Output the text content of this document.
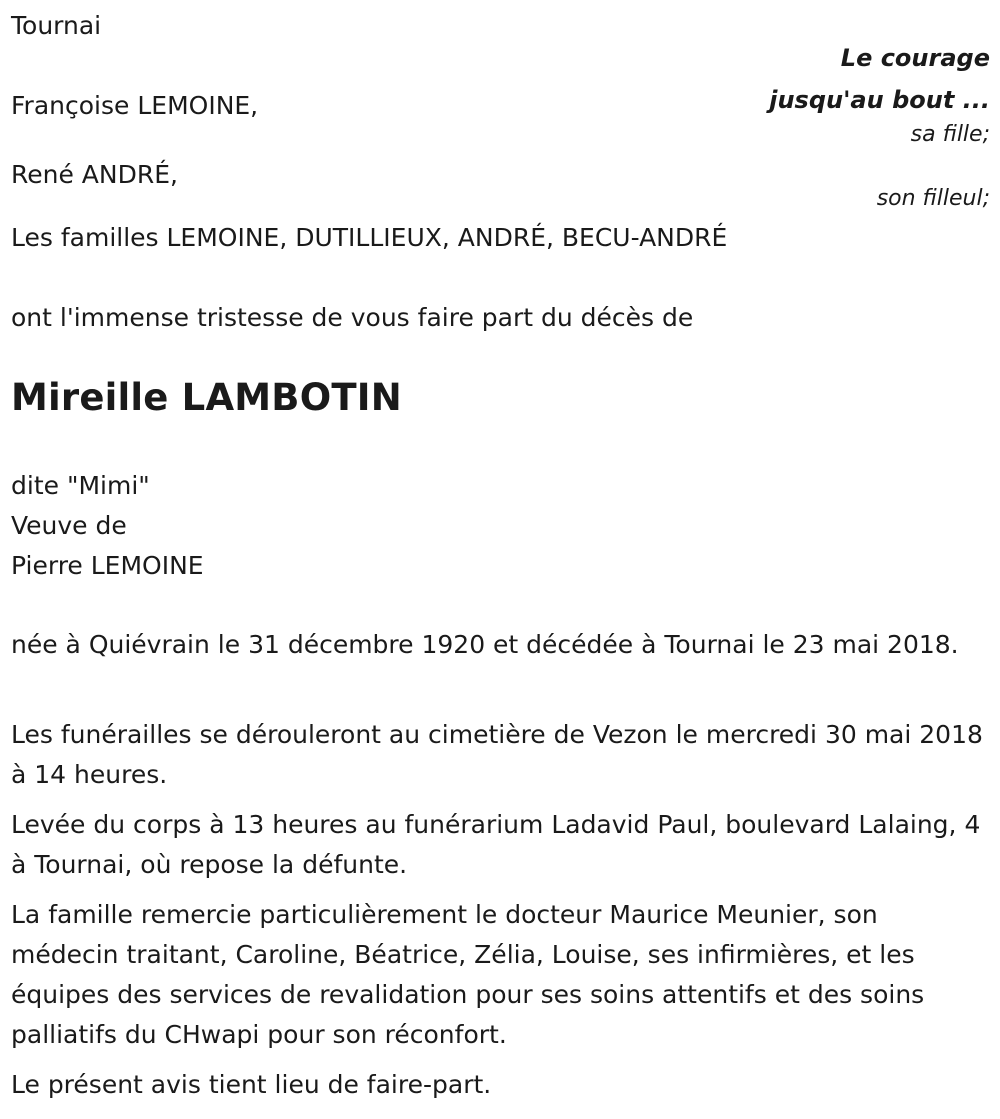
Tournai

Le courage

jusqu'au bout ...

Françoise LEMOINE,

sa fille;

René ANDRÉ,

son filleul;

Les familles LEMOINE, DUTILLIEUX, ANDRÉ, BECU-ANDRÉ

ont l'immense tristesse de vous faire part du décès de

Mireille LAMBOTIN

dite "Mimi"

Veuve de

Pierre LEMOINE

née à Quiévrain le 31 décembre 1920 et décédée à Tournai le 23 mai 2018.

Les funérailles se dérouleront au cimetière de Vezon le mercredi 30 mai 2018 à 14 heures.

Levée du corps à 13 heures au funérarium Ladavid Paul, boulevard Lalaing, 4 à Tournai, où repose la défunte.

La famille remercie particulièrement le docteur Maurice Meunier, son médecin traitant, Caroline, Béatrice, Zélia, Louise, ses infirmières, et les équipes des services de revalidation pour ses soins attentifs et des soins palliatifs du CHwapi pour son réconfort.

Le présent avis tient lieu de faire-part.
